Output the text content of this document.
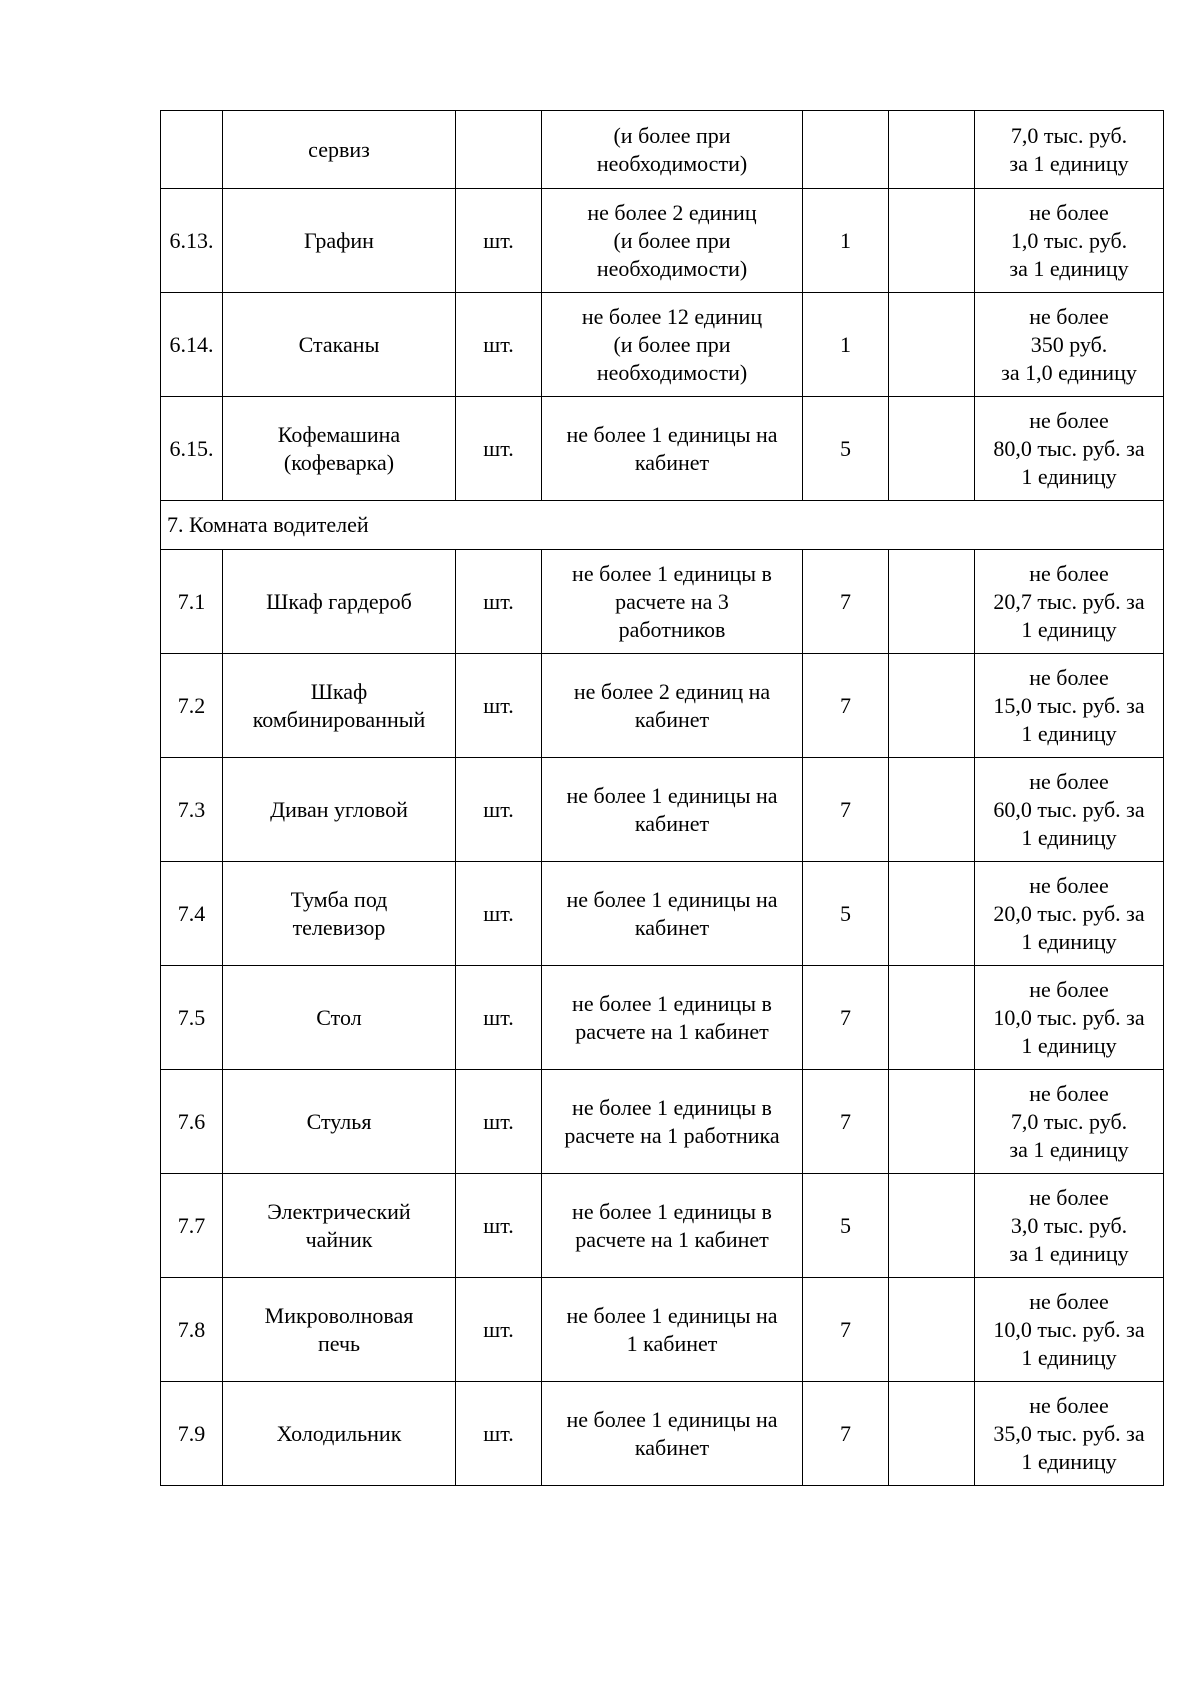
	сервиз		(и более при
необходимости)			7,0 тыс. руб.
за 1 единицу
6.13.	Графин	шт.	не более 2 единиц
(и более при
необходимости)	1		не более
1,0 тыс. руб.
за 1 единицу
6.14.	Стаканы	шт.	не более 12 единиц
(и более при
необходимости)	1		не более
350 руб.
за 1,0 единицу
6.15.	Кофемашина
(кофеварка)	шт.	не более 1 единицы на
кабинет	5		не более
80,0 тыс. руб. за
1 единицу
7. Комната водителей						
7.1	Шкаф гардероб	шт.	не более 1 единицы в
расчете на 3
работников	7		не более
20,7 тыс. руб. за
1 единицу
7.2	Шкаф
комбинированный	шт.	не более 2 единиц на
кабинет	7		не более
15,0 тыс. руб. за
1 единицу
7.3	Диван угловой	шт.	не более 1 единицы на
кабинет	7		не более
60,0 тыс. руб. за
1 единицу
7.4	Тумба под
телевизор	шт.	не более 1 единицы на
кабинет	5		не более
20,0 тыс. руб. за
1 единицу
7.5	Стол	шт.	не более 1 единицы в
расчете на 1 кабинет	7		не более
10,0 тыс. руб. за
1 единицу
7.6	Стулья	шт.	не более 1 единицы в
расчете на 1 работника	7		не более
7,0 тыс. руб.
за 1 единицу
7.7	Электрический
чайник	шт.	не более 1 единицы в
расчете на 1 кабинет	5		не более
3,0 тыс. руб.
за 1 единицу
7.8	Микроволновая
печь	шт.	не более 1 единицы на
1 кабинет	7		не более
10,0 тыс. руб. за
1 единицу
7.9	Холодильник	шт.	не более 1 единицы на
кабинет	7		не более
35,0 тыс. руб. за
1 единицу
